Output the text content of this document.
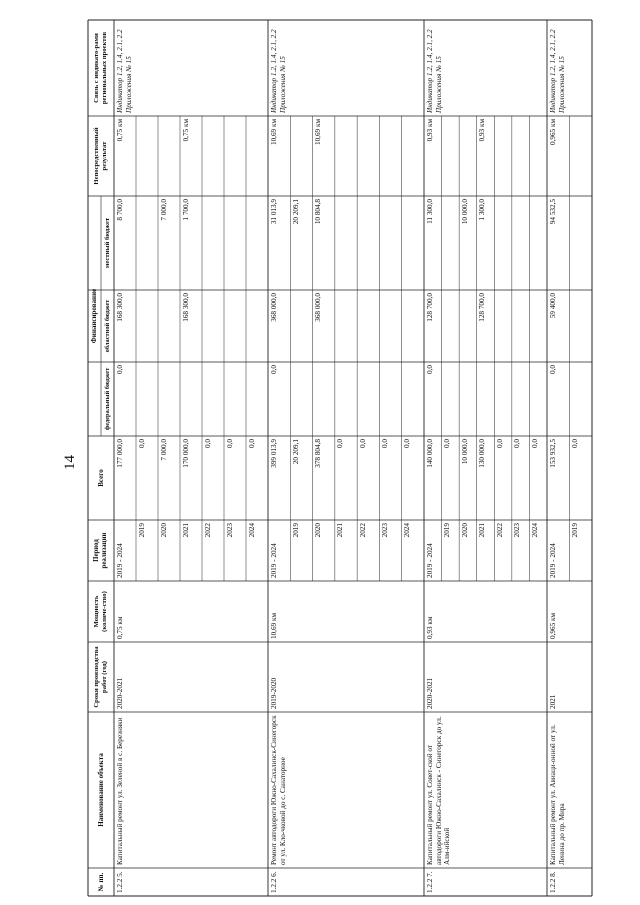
14
№ пп.
Наименование объекта
Сроки производства работ (год)
Мощность (количе-ство)
Период реализации
Финансирование
Всего
федеральный бюджет
областной бюджет
местный бюджет
Непосредственный результат
Связь с индикато-рами региональных проектов
1.2.2 5.
Капитальный ремонт ул. Зеленой в с. Березняки
2020-2021
0,75 км
Индикатор 1.2, 1.4, 2.1, 2.2 Приложения № 15
2019 - 2024
177 000,0
0,0
168 300,0
8 700,0
0,75 км
2019
0,0
2020
7 000,0
7 000,0
2021
170 000,0
168 300,0
1 700,0
0,75 км
2022
0,0
2023
0,0
2024
0,0
1.2.2 6.
Ремонт автодороги Южно-Сахалинск-Синегорск от ул. Кло-чковой до с. Санаторное
2019-2020
10,69 км
Индикатор 1.2, 1.4, 2.1, 2.2 Приложения № 15
2019 - 2024
399 013,9
0,0
368 000,0
31 013,9
10,69 км
2019
20 209,1
20 209,1
2020
378 804,8
368 000,0
10 804,8
10,69 км
2021
0,0
2022
0,0
2023
0,0
2024
0,0
1.2.2 7.
Капитальный ремонт ул. Совет-ской от автодороги Южно-Сахалинск - Синегорск до ул. Алм-ийской
2020-2021
0,93 км
Индикатор 1.2, 1.4, 2.1, 2.2 Приложения № 15
2019 - 2024
140 000,0
0,0
128 700,0
11 300,0
0,93 км
2019
0,0
2020
10 000,0
10 000,0
2021
130 000,0
128 700,0
1 300,0
0,93 км
2022
0,0
2023
0,0
2024
0,0
1.2.2 8.
Капитальный ремонт ул. Авиаци-онной от ул. Ленина до пр. Мира
2021
0,965 км
Индикатор 1.2, 1.4, 2.1, 2.2 Приложения № 15
2019 - 2024
153 932,5
0,0
59 400,0
94 532,5
0,965 км
2019
0,0
